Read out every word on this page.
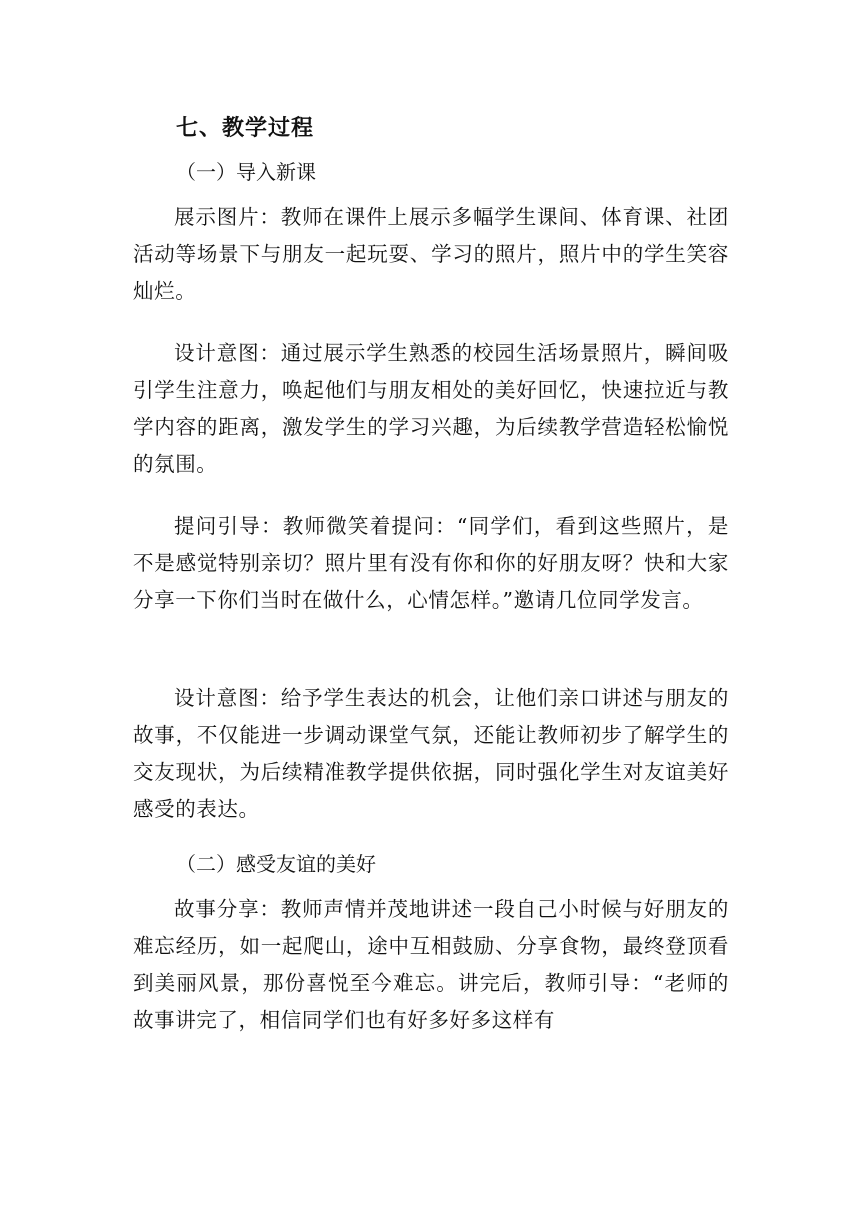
七、教学过程
（一）导入新课

展示图片：教师在课件上展示多幅学生课间、体育课、社团活动等场景下与朋友一起玩耍、学习的照片，照片中的学生笑容灿烂。

设计意图：通过展示学生熟悉的校园生活场景照片，瞬间吸引学生注意力，唤起他们与朋友相处的美好回忆，快速拉近与教学内容的距离，激发学生的学习兴趣，为后续教学营造轻松愉悦的氛围。

提问引导：教师微笑着提问：“同学们，看到这些照片，是不是感觉特别亲切？照片里有没有你和你的好朋友呀？快和大家分享一下你们当时在做什么，心情怎样。”邀请几位同学发言。

设计意图：给予学生表达的机会，让他们亲口讲述与朋友的故事，不仅能进一步调动课堂气氛，还能让教师初步了解学生的交友现状，为后续精准教学提供依据，同时强化学生对友谊美好感受的表达。

（二）感受友谊的美好

故事分享：教师声情并茂地讲述一段自己小时候与好朋友的难忘经历，如一起爬山，途中互相鼓励、分享食物，最终登顶看到美丽风景，那份喜悦至今难忘。讲完后，教师引导：“老师的故事讲完了，相信同学们也有好多好多这样有
